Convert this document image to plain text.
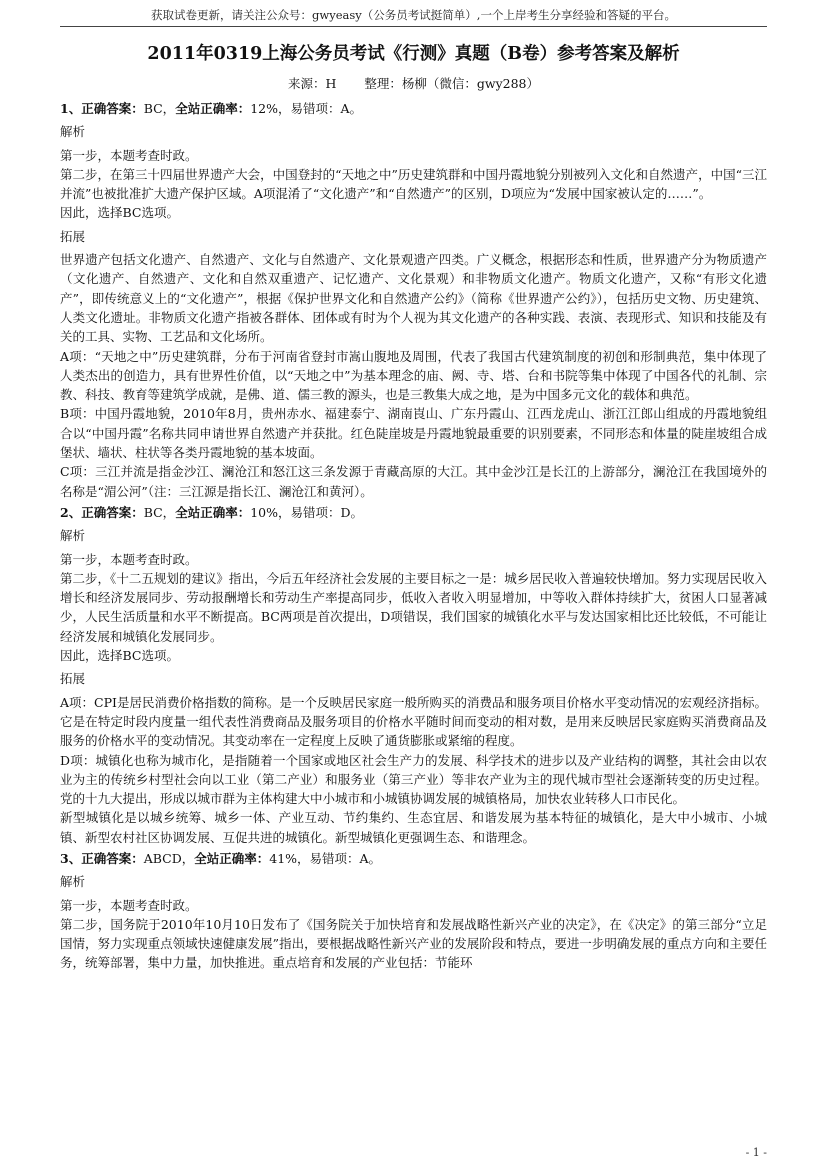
获取试卷更新，请关注公众号：gwyeasy（公务员考试挺简单）,一个上岸考生分享经验和答疑的平台。
2011年0319上海公务员考试《行测》真题（B卷）参考答案及解析
来源：H 整理：杨柳（微信：gwy288）

1、正确答案：BC，全站正确率：12%，易错项：A。

解析

第一步，本题考查时政。

第二步，在第三十四届世界遗产大会，中国登封的“天地之中”历史建筑群和中国丹霞地貌分别被列入文化和自然遗产，中国“三江并流”也被批准扩大遗产保护区域。A项混淆了“文化遗产”和“自然遗产”的区别，D项应为“发展中国家被认定的……”。

因此，选择BC选项。

拓展

世界遗产包括文化遗产、自然遗产、文化与自然遗产、文化景观遗产四类。广义概念，根据形态和性质，世界遗产分为物质遗产（文化遗产、自然遗产、文化和自然双重遗产、记忆遗产、文化景观）和非物质文化遗产。物质文化遗产，又称“有形文化遗产”，即传统意义上的“文化遗产”，根据《保护世界文化和自然遗产公约》（简称《世界遗产公约》），包括历史文物、历史建筑、人类文化遗址。非物质文化遗产指被各群体、团体或有时为个人视为其文化遗产的各种实践、表演、表现形式、知识和技能及有关的工具、实物、工艺品和文化场所。

A项：“天地之中”历史建筑群，分布于河南省登封市嵩山腹地及周围，代表了我国古代建筑制度的初创和形制典范，集中体现了人类杰出的创造力，具有世界性价值，以“天地之中”为基本理念的庙、阙、寺、塔、台和书院等集中体现了中国各代的礼制、宗教、科技、教育等建筑学成就，是佛、道、儒三教的源头，也是三教集大成之地，是为中国多元文化的载体和典范。

B项：中国丹霞地貌，2010年8月，贵州赤水、福建泰宁、湖南崀山、广东丹霞山、江西龙虎山、浙江江郎山组成的丹霞地貌组合以“中国丹霞”名称共同申请世界自然遗产并获批。红色陡崖坡是丹霞地貌最重要的识别要素，不同形态和体量的陡崖坡组合成堡状、墙状、柱状等各类丹霞地貌的基本坡面。

C项：三江并流是指金沙江、澜沧江和怒江这三条发源于青藏高原的大江。其中金沙江是长江的上游部分，澜沧江在我国境外的名称是“湄公河”（注：三江源是指长江、澜沧江和黄河）。

2、正确答案：BC，全站正确率：10%，易错项：D。

解析

第一步，本题考查时政。

第二步，《十二五规划的建议》指出，今后五年经济社会发展的主要目标之一是：城乡居民收入普遍较快增加。努力实现居民收入增长和经济发展同步、劳动报酬增长和劳动生产率提高同步，低收入者收入明显增加，中等收入群体持续扩大，贫困人口显著减少，人民生活质量和水平不断提高。BC两项是首次提出，D项错误，我们国家的城镇化水平与发达国家相比还比较低，不可能让经济发展和城镇化发展同步。

因此，选择BC选项。

拓展

A项：CPI是居民消费价格指数的简称。是一个反映居民家庭一般所购买的消费品和服务项目价格水平变动情况的宏观经济指标。它是在特定时段内度量一组代表性消费商品及服务项目的价格水平随时间而变动的相对数，是用来反映居民家庭购买消费商品及服务的价格水平的变动情况。其变动率在一定程度上反映了通货膨胀或紧缩的程度。

D项：城镇化也称为城市化，是指随着一个国家或地区社会生产力的发展、科学技术的进步以及产业结构的调整，其社会由以农业为主的传统乡村型社会向以工业（第二产业）和服务业（第三产业）等非农产业为主的现代城市型社会逐渐转变的历史过程。党的十九大提出，形成以城市群为主体构建大中小城市和小城镇协调发展的城镇格局，加快农业转移人口市民化。

新型城镇化是以城乡统筹、城乡一体、产业互动、节约集约、生态宜居、和谐发展为基本特征的城镇化，是大中小城市、小城镇、新型农村社区协调发展、互促共进的城镇化。新型城镇化更强调生态、和谐理念。

3、正确答案：ABCD，全站正确率：41%，易错项：A。

解析

第一步，本题考查时政。

第二步，国务院于2010年10月10日发布了《国务院关于加快培育和发展战略性新兴产业的决定》，在《决定》的第三部分“立足国情，努力实现重点领域快速健康发展”指出，要根据战略性新兴产业的发展阶段和特点，要进一步明确发展的重点方向和主要任务，统筹部署，集中力量，加快推进。重点培育和发展的产业包括：节能环

- 1 -
